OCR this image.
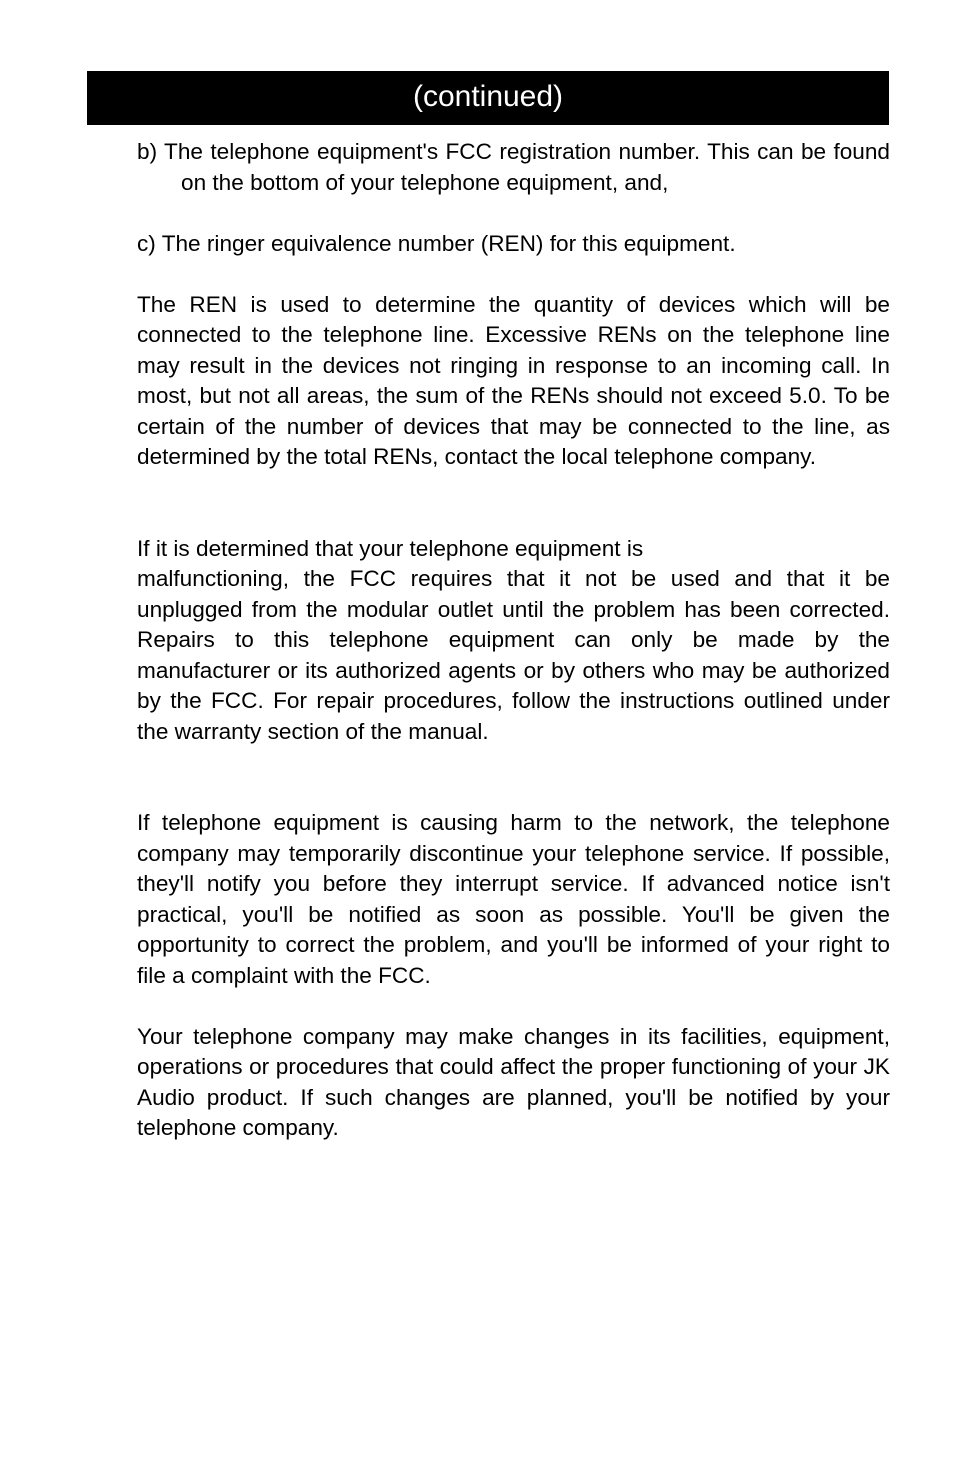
(continued)

b) The telephone equipment's FCC registration number. This can be found on the bottom of your telephone equipment, and,

c) The ringer equivalence number (REN) for this equipment.

The REN is used to determine the quantity of devices which will be connected to the telephone line. Excessive RENs on the telephone line may result in the devices not ringing in response to an incoming call. In most, but not all areas, the sum of the RENs should not exceed 5.0. To be certain of the number of devices that may be connected to the line, as determined by the total RENs, contact the local telephone company.

If it is determined that your telephone equipment is

malfunctioning, the FCC requires that it not be used and that it be unplugged from the modular outlet until the problem has been corrected. Repairs to this telephone equipment can only be made by the manufacturer or its authorized agents or by others who may be authorized by the FCC. For repair procedures, follow the instructions outlined under the warranty section of the manual.

If telephone equipment is causing harm to the network, the telephone company may temporarily discontinue your telephone service. If possible, they'll notify you before they interrupt service. If advanced notice isn't practical, you'll be notified as soon as possible. You'll be given the opportunity to correct the problem, and you'll be informed of your right to file a complaint with the FCC.

Your telephone company may make changes in its facilities, equipment, operations or procedures that could affect the proper functioning of your JK Audio product. If such changes are planned, you'll be notified by your telephone company.
